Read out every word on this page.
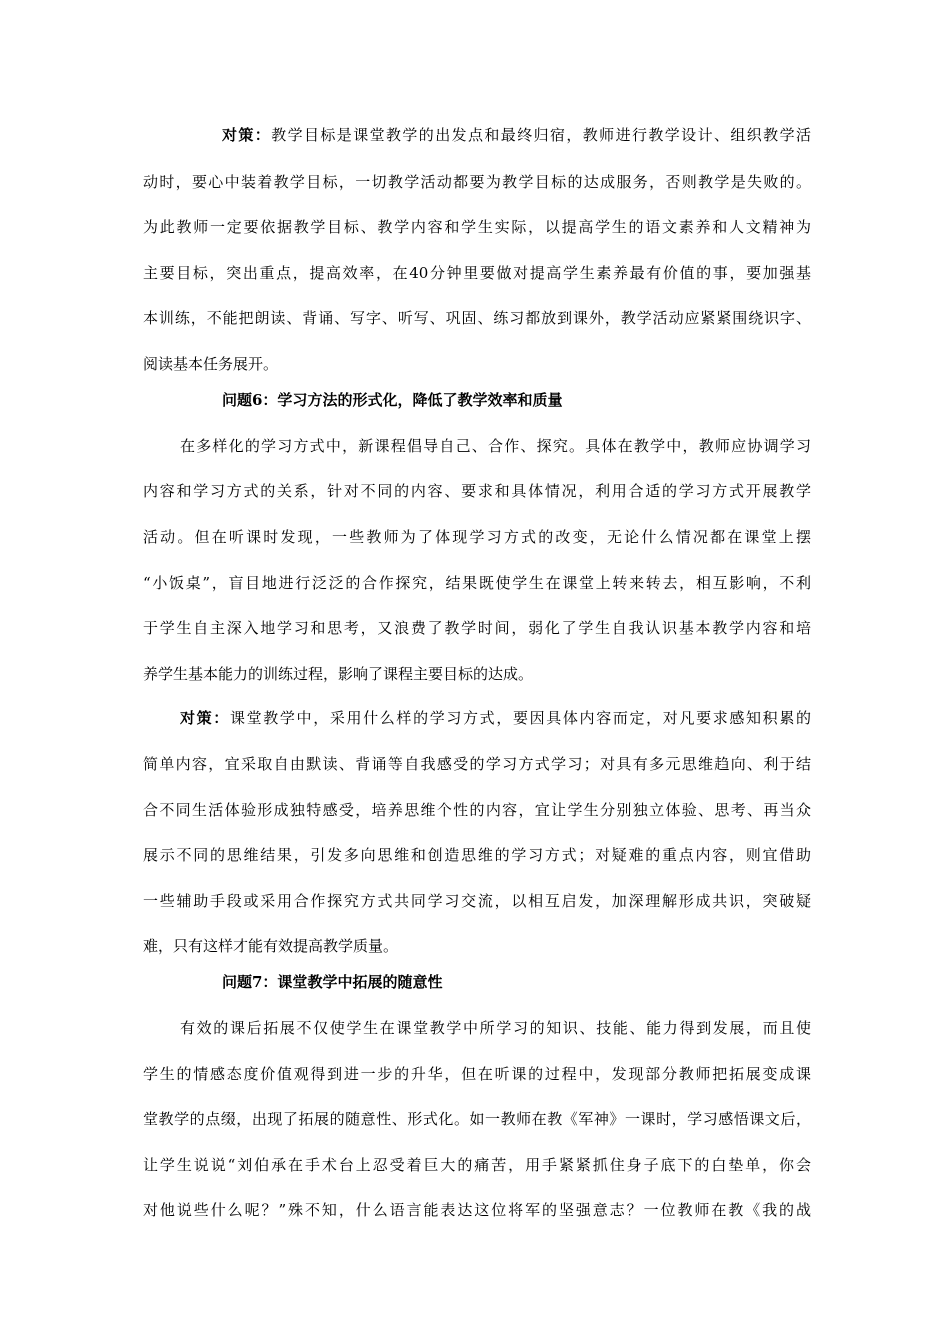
对策：教学目标是课堂教学的出发点和最终归宿，教师进行教学设计、组织教学活
动时，要心中装着教学目标，一切教学活动都要为教学目标的达成服务，否则教学是失败的。
为此教师一定要依据教学目标、教学内容和学生实际，以提高学生的语文素养和人文精神为
主要目标，突出重点，提高效率，在40分钟里要做对提高学生素养最有价值的事，要加强基
本训练，不能把朗读、背诵、写字、听写、巩固、练习都放到课外，教学活动应紧紧围绕识字、
阅读基本任务展开。
问题6：学习方法的形式化，降低了教学效率和质量
在多样化的学习方式中，新课程倡导自己、合作、探究。具体在教学中，教师应协调学习
内容和学习方式的关系，针对不同的内容、要求和具体情况，利用合适的学习方式开展教学
活动。但在听课时发现，一些教师为了体现学习方式的改变，无论什么情况都在课堂上摆
“小饭桌”，盲目地进行泛泛的合作探究，结果既使学生在课堂上转来转去，相互影响，不利
于学生自主深入地学习和思考，又浪费了教学时间，弱化了学生自我认识基本教学内容和培
养学生基本能力的训练过程，影响了课程主要目标的达成。
对策：课堂教学中，采用什么样的学习方式，要因具体内容而定，对凡要求感知积累的
简单内容，宜采取自由默读、背诵等自我感受的学习方式学习；对具有多元思维趋向、利于结
合不同生活体验形成独特感受，培养思维个性的内容，宜让学生分别独立体验、思考、再当众
展示不同的思维结果，引发多向思维和创造思维的学习方式；对疑难的重点内容，则宜借助
一些辅助手段或采用合作探究方式共同学习交流，以相互启发，加深理解形成共识，突破疑
难，只有这样才能有效提高教学质量。
问题7：课堂教学中拓展的随意性
有效的课后拓展不仅使学生在课堂教学中所学习的知识、技能、能力得到发展，而且使
学生的情感态度价值观得到进一步的升华，但在听课的过程中，发现部分教师把拓展变成课
堂教学的点缀，出现了拓展的随意性、形式化。如一教师在教《军神》一课时，学习感悟课文后，
让学生说说“刘伯承在手术台上忍受着巨大的痛苦，用手紧紧抓住身子底下的白垫单，你会
对他说些什么呢？”殊不知，什么语言能表达这位将军的坚强意志？一位教师在教《我的战
